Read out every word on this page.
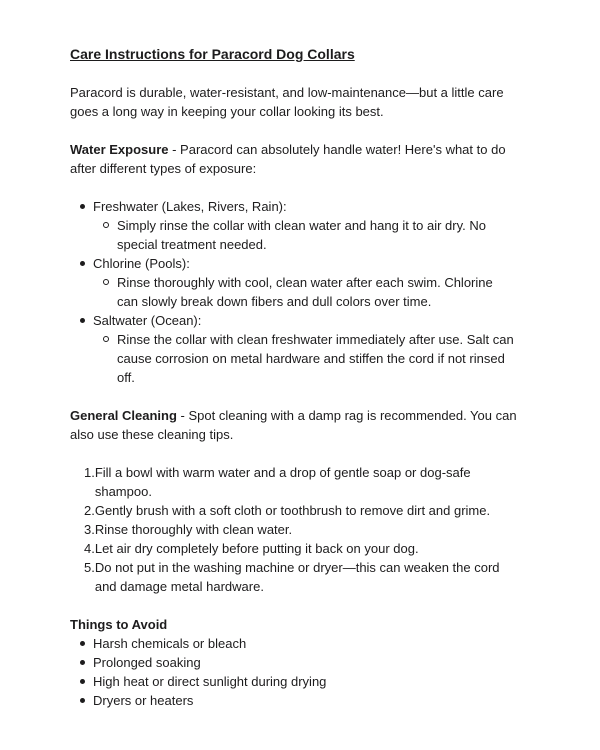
Care Instructions for Paracord Dog Collars
Paracord is durable, water-resistant, and low-maintenance—but a little care
goes a long way in keeping your collar looking its best.
Water Exposure - Paracord can absolutely handle water! Here's what to do
after different types of exposure:
Freshwater (Lakes, Rivers, Rain):
Simply rinse the collar with clean water and hang it to air dry. No
special treatment needed.
Chlorine (Pools):
Rinse thoroughly with cool, clean water after each swim. Chlorine
can slowly break down fibers and dull colors over time.
Saltwater (Ocean):
Rinse the collar with clean freshwater immediately after use. Salt can
cause corrosion on metal hardware and stiffen the cord if not rinsed
off.
General Cleaning - Spot cleaning with a damp rag is recommended. You can
also use these cleaning tips.
1. Fill a bowl with warm water and a drop of gentle soap or dog-safe
shampoo.
2. Gently brush with a soft cloth or toothbrush to remove dirt and grime.
3. Rinse thoroughly with clean water.
4. Let air dry completely before putting it back on your dog.
5. Do not put in the washing machine or dryer—this can weaken the cord
and damage metal hardware.
Things to Avoid
Harsh chemicals or bleach
Prolonged soaking
High heat or direct sunlight during drying
Dryers or heaters
